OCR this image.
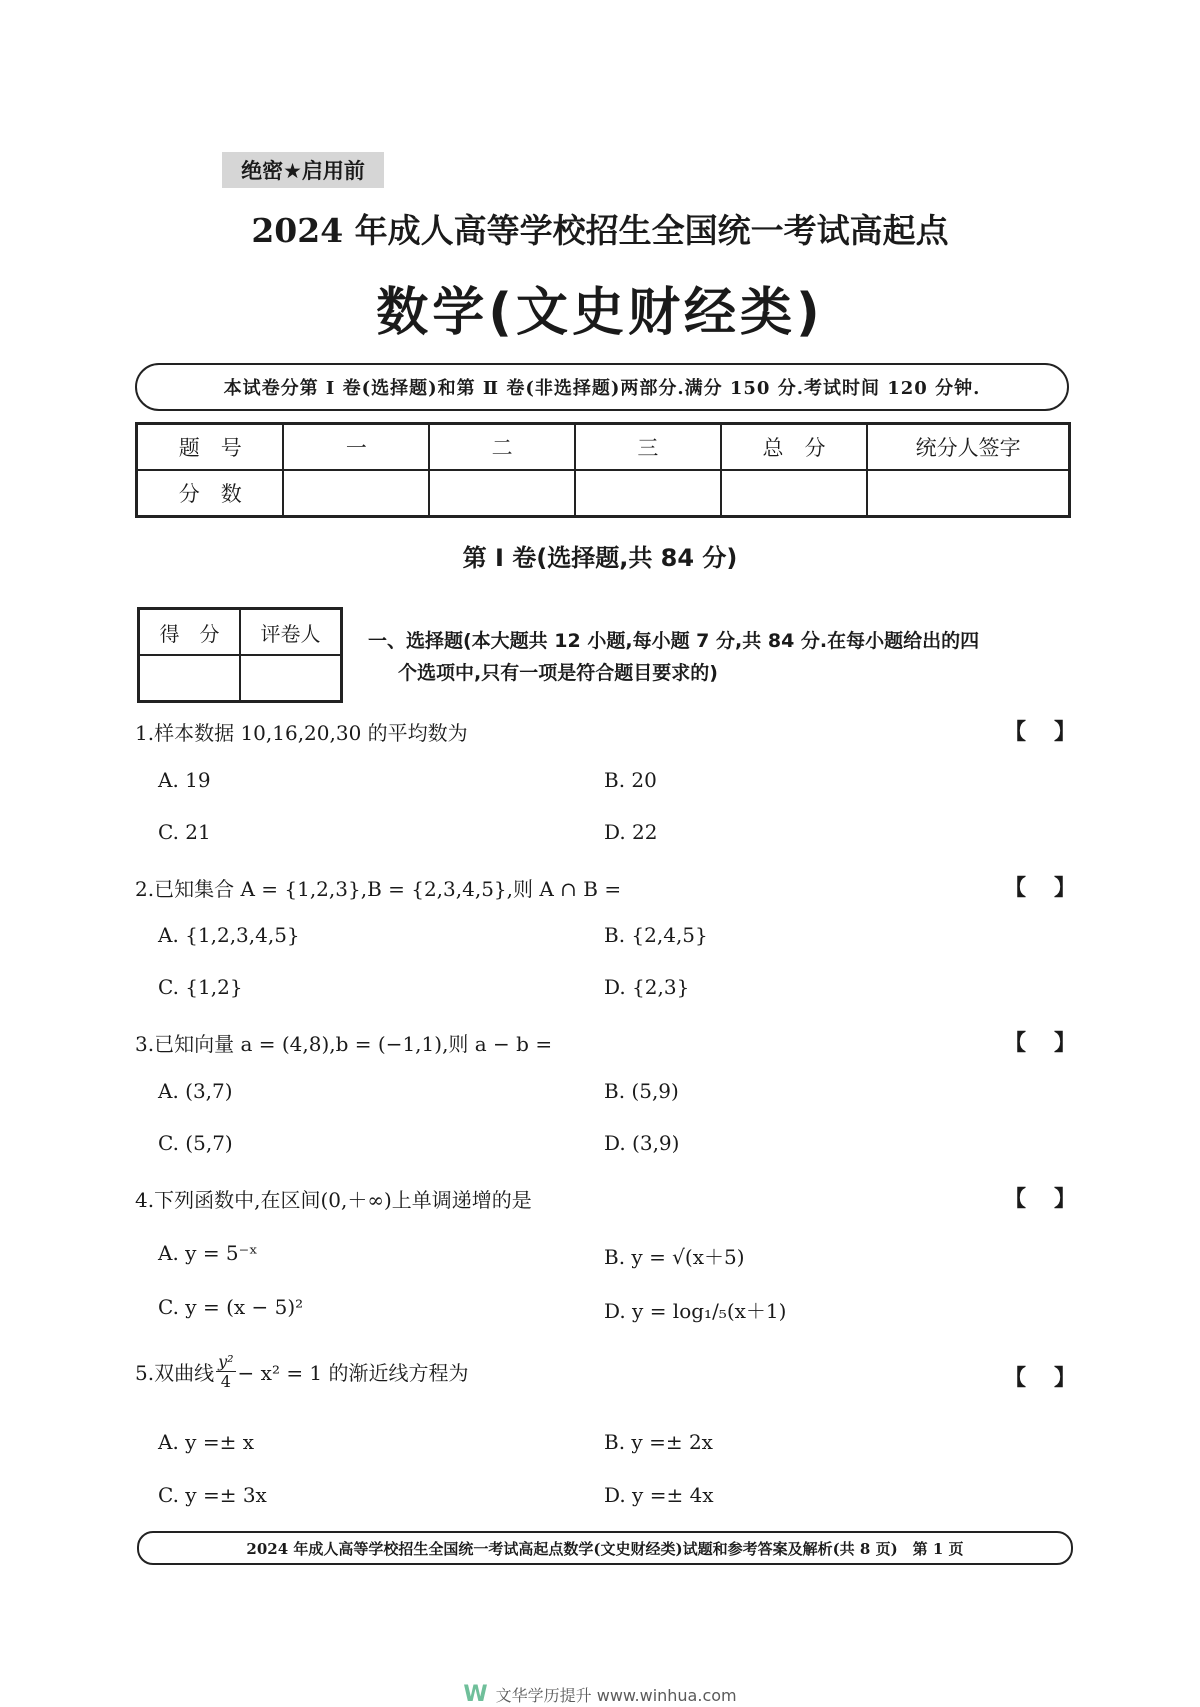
绝密★启用前
2024 年成人高等学校招生全国统一考试高起点
数学(文史财经类)
本试卷分第 Ⅰ 卷(选择题)和第 Ⅱ 卷(非选择题)两部分.满分 150 分.考试时间 120 分钟.
题　号	一	二	三	总　分	统分人签字
分　数					
第 Ⅰ 卷(选择题,共 84 分)
得　分	评卷人
		一、选择题(本大题共 12 小题,每小题 7 分,共 84 分.在每小题给出的四
个选项中,只有一项是符合题目要求的)
1.样本数据 10,16,20,30 的平均数为	【 】
A. 19	B. 20
C. 21	D. 22
2.已知集合 A = {1,2,3},B = {2,3,4,5},则 A ∩ B =	【 】
A. {1,2,3,4,5}	B. {2,4,5}
C. {1,2}	D. {2,3}
3.已知向量 a = (4,8),b = (−1,1),则 a − b =	【 】
A. (3,7)	B. (5,9)
C. (5,7)	D. (3,9)
4.下列函数中,在区间(0,＋∞)上单调递增的是	【 】
A. y = 5⁻ˣ	B. y = √(x＋5)
C. y = (x − 5)²	D. y = log₁/₅(x＋1)
5.双曲线 $\frac{\text{y²}}{4} - x^2 = 1$ 的渐近线方程为	【 】
A. y =± x	B. y =± 2x
C. y =± 3x	D. y =± 4x
2024 年成人高等学校招生全国统一考试高起点数学(文史财经类)试题和参考答案及解析(共 8 页)　第 1 页
W 文华学历提升 www.winhua.com
